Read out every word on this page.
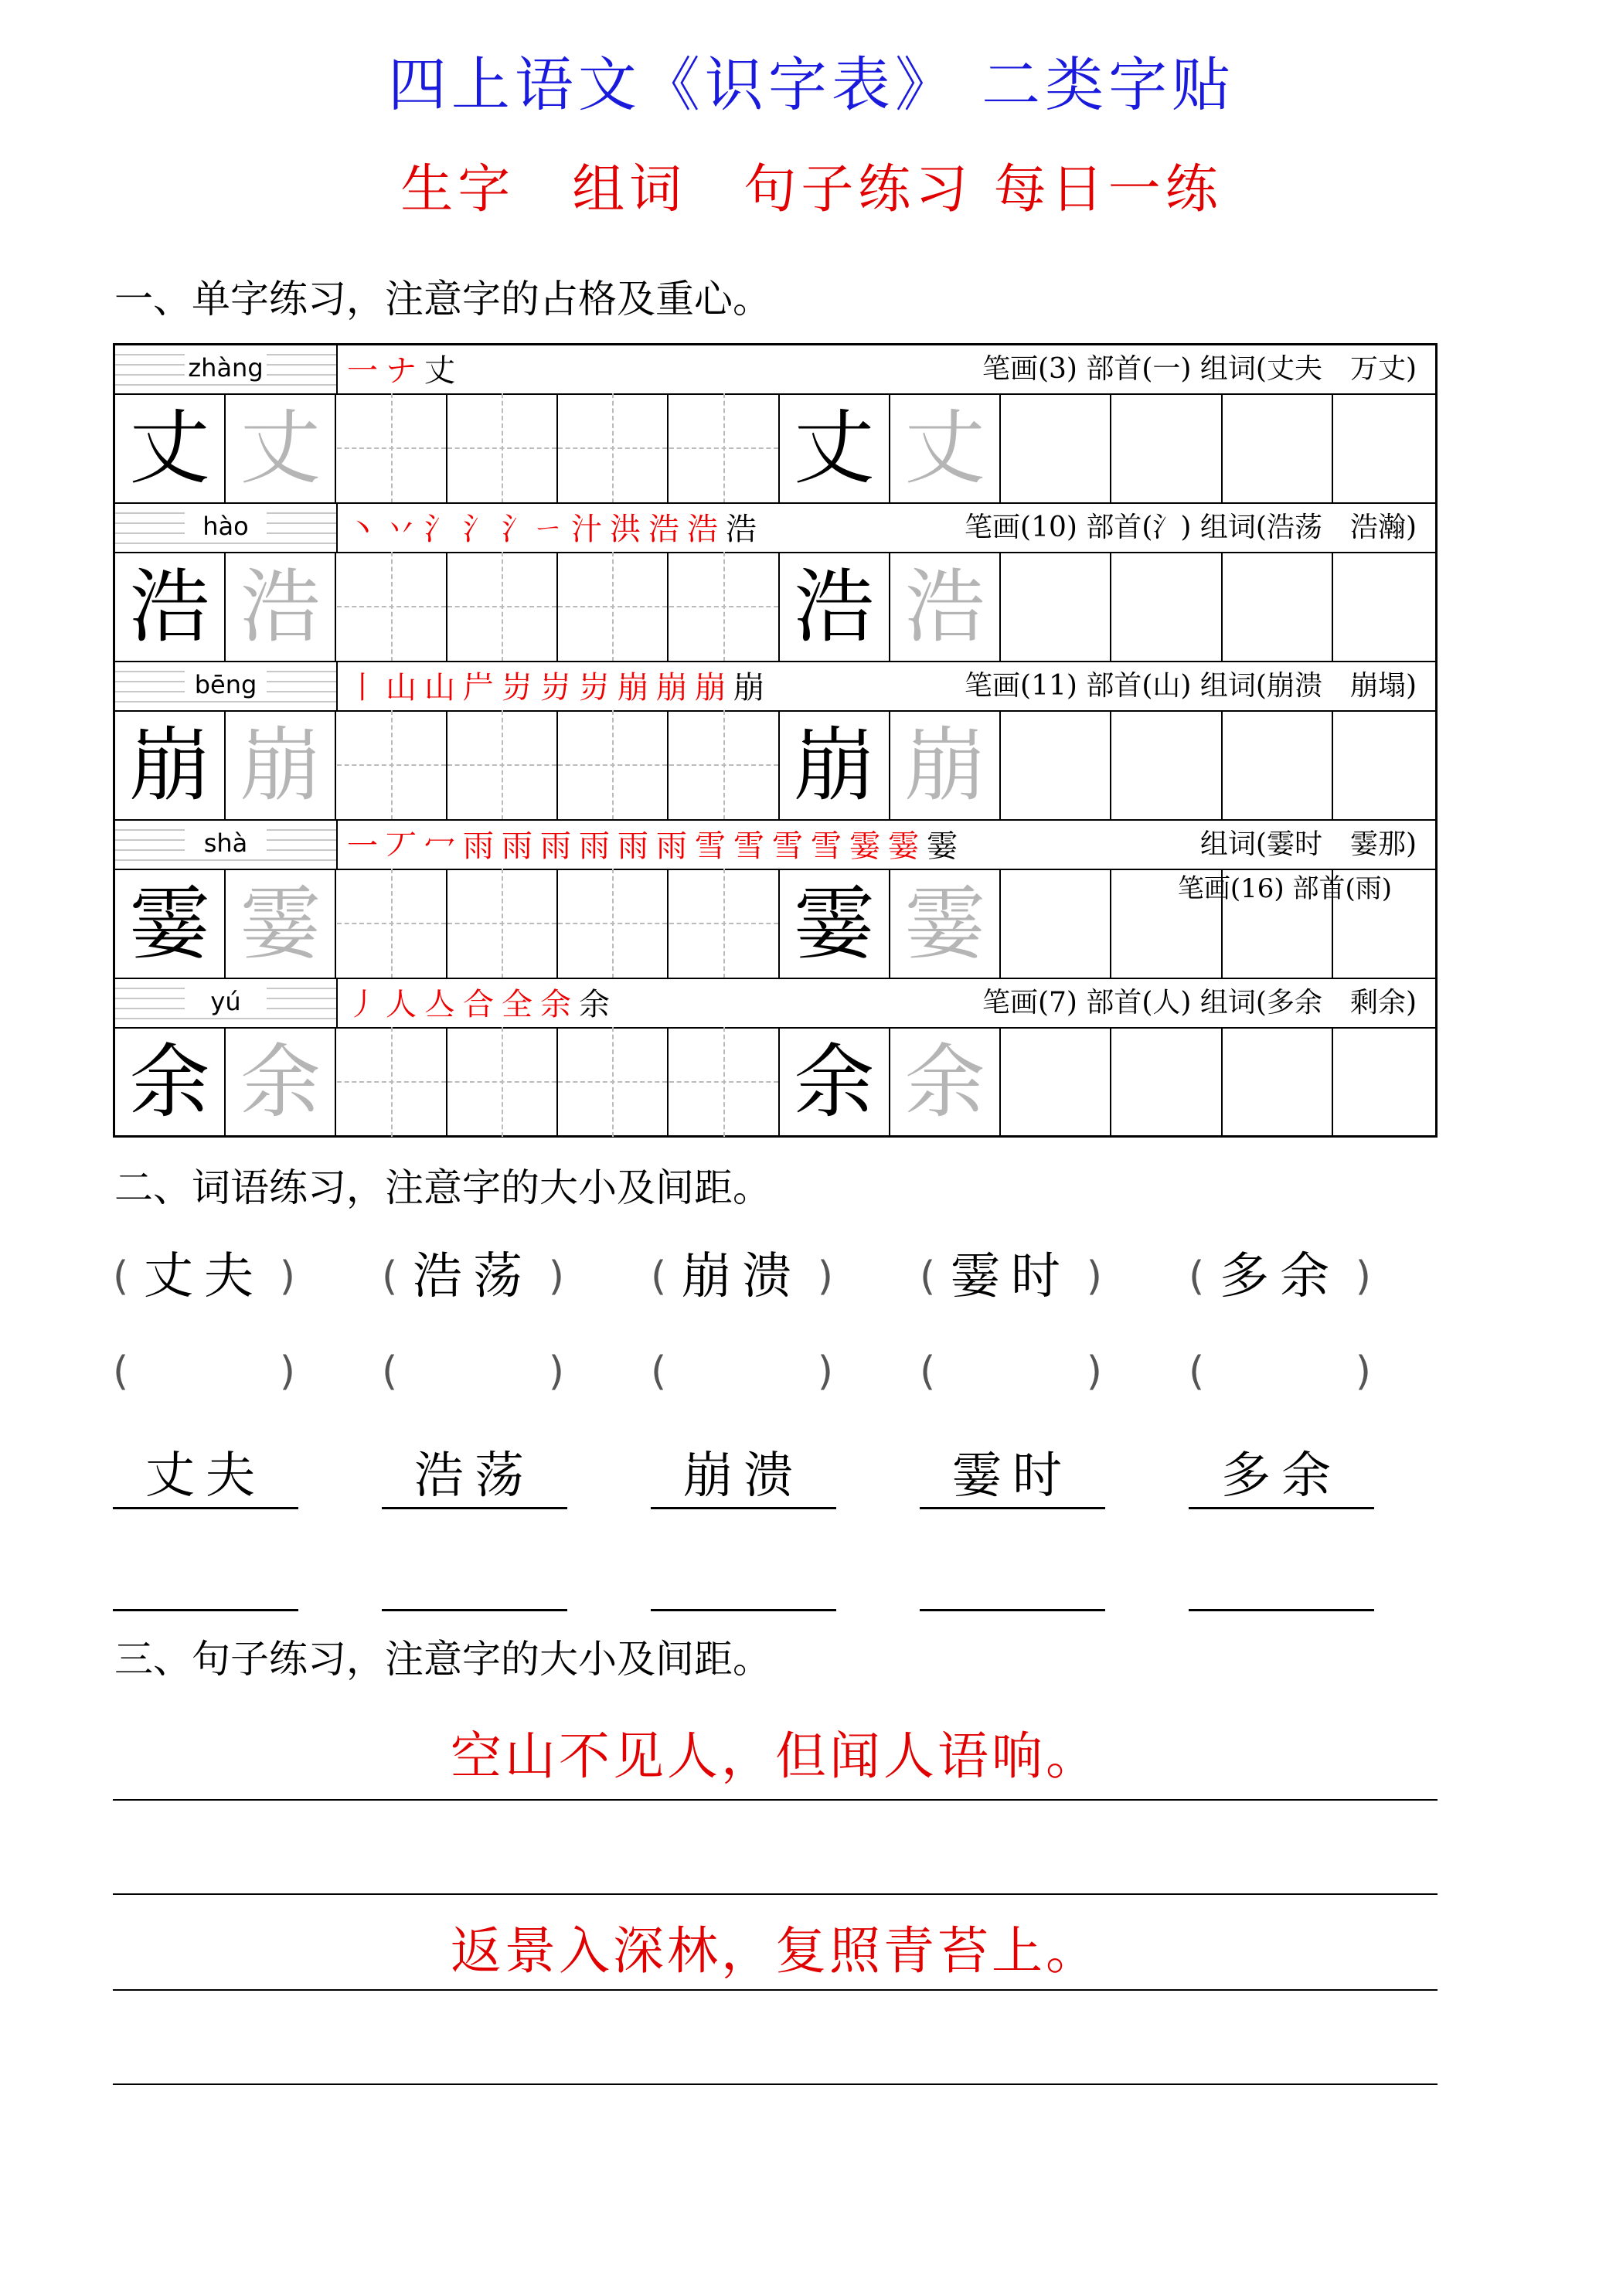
四上语文《识字表》 二类字贴
生字　组词　句子练习 每日一练
一、单字练习，注意字的占格及重心。
zhàng	一 ナ 丈	笔画(3) 部首(一) 组词(丈夫　万丈)
丈 丈	丈 丈
hào	丶 丷 氵 氵 氵ㄧ 汁 洪 浩 浩 浩	笔画(10) 部首(氵) 组词(浩荡　浩瀚)
浩 浩	浩 浩
bēng	丨 山 山 屵 岃 岃 岃 崩 崩 崩 崩	笔画(11) 部首(山) 组词(崩溃　崩塌)
崩 崩	崩 崩
shà	一 丆 冖 雨 雨 雨 雨 雨 雨 雪 雪 雪 雪 霎 霎 霎	组词(霎时　霎那)
霎 霎	霎 霎	笔画(16) 部首(雨)
yú	丿 人 亼 合 全 余 余	笔画(7) 部首(人) 组词(多余　剩余)
余 余	余 余
二、词语练习，注意字的大小及间距。
( 丈夫 ) ( 浩荡 ) ( 崩溃 ) ( 霎时 ) ( 多余 )
(	) (	) (	) (	) (	)
丈夫	浩荡	崩溃	霎时	多余
三、句子练习，注意字的大小及间距。
空山不见人，但闻人语响。
返景入深林，复照青苔上。
